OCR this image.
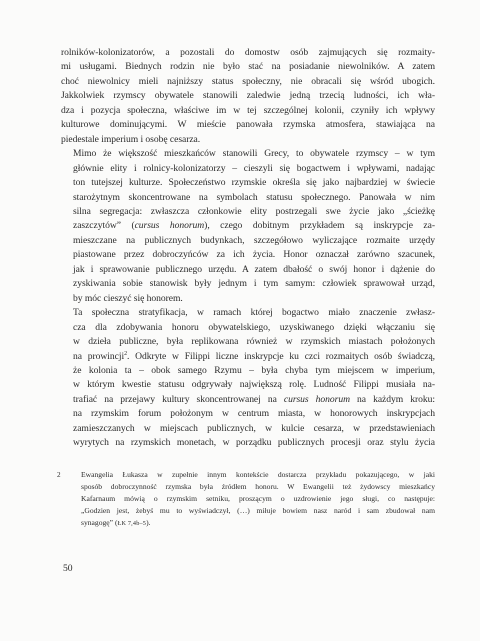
rolników-kolonizatorów, a pozostali do domostw osób zajmujących się rozmaity-
mi usługami. Biednych rodzin nie było stać na posiadanie niewolników. A zatem
choć niewolnicy mieli najniższy status społeczny, nie obracali się wśród ubogich.
Jakkolwiek rzymscy obywatele stanowili zaledwie jedną trzecią ludności, ich wła-
dza i pozycja społeczna, właściwe im w tej szczególnej kolonii, czyniły ich wpływy
kulturowe dominującymi. W mieście panowała rzymska atmosfera, stawiająca na
piedestale imperium i osobę cesarza.

Mimo że większość mieszkańców stanowili Grecy, to obywatele rzymscy – w tym
głównie elity i rolnicy-kolonizatorzy – cieszyli się bogactwem i wpływami, nadając
ton tutejszej kulturze. Społeczeństwo rzymskie określa się jako najbardziej w świecie
starożytnym skoncentrowane na symbolach statusu społecznego. Panowała w nim
silna segregacja: zwłaszcza członkowie elity postrzegali swe życie jako „ścieżkę
zaszczytów” (cursus honorum), czego dobitnym przykładem są inskrypcje za-
mieszczane na publicznych budynkach, szczegółowo wyliczające rozmaite urzędy
piastowane przez dobroczyńców za ich życia. Honor oznaczał zarówno szacunek,
jak i sprawowanie publicznego urzędu. A zatem dbałość o swój honor i dążenie do
zyskiwania sobie stanowisk były jednym i tym samym: człowiek sprawował urząd,
by móc cieszyć się honorem.

Ta społeczna stratyfikacja, w ramach której bogactwo miało znaczenie zwłasz-
cza dla zdobywania honoru obywatelskiego, uzyskiwanego dzięki włączaniu się
w dzieła publiczne, była replikowana również w rzymskich miastach położonych
na prowincji$^2$. Odkryte w Filippi liczne inskrypcje ku czci rozmaitych osób świadczą,
że kolonia ta – obok samego Rzymu – była chyba tym miejscem w imperium,
w którym kwestie statusu odgrywały największą rolę. Ludność Filippi musiała na-
trafiać na przejawy kultury skoncentrowanej na cursus honorum na każdym kroku:
na rzymskim forum położonym w centrum miasta, w honorowych inskrypcjach
zamieszczanych w miejscach publicznych, w kulcie cesarza, w przedstawieniach
wyrytych na rzymskich monetach, w porządku publicznych procesji oraz stylu życia

2	Ewangelia Łukasza w zupełnie innym kontekście dostarcza przykładu pokazującego, w jaki
sposób dobroczynność rzymska była źródłem honoru. W Ewangelii też żydowscy mieszkańcy
Kafarnaum mówią o rzymskim setniku, proszącym o uzdrowienie jego sługi, co następuje:
„Godzien jest, żebyś mu to wyświadczył, (…) miłuje bowiem nasz naród i sam zbudował nam
synagogę” (ŁK 7,4b–5).
50
